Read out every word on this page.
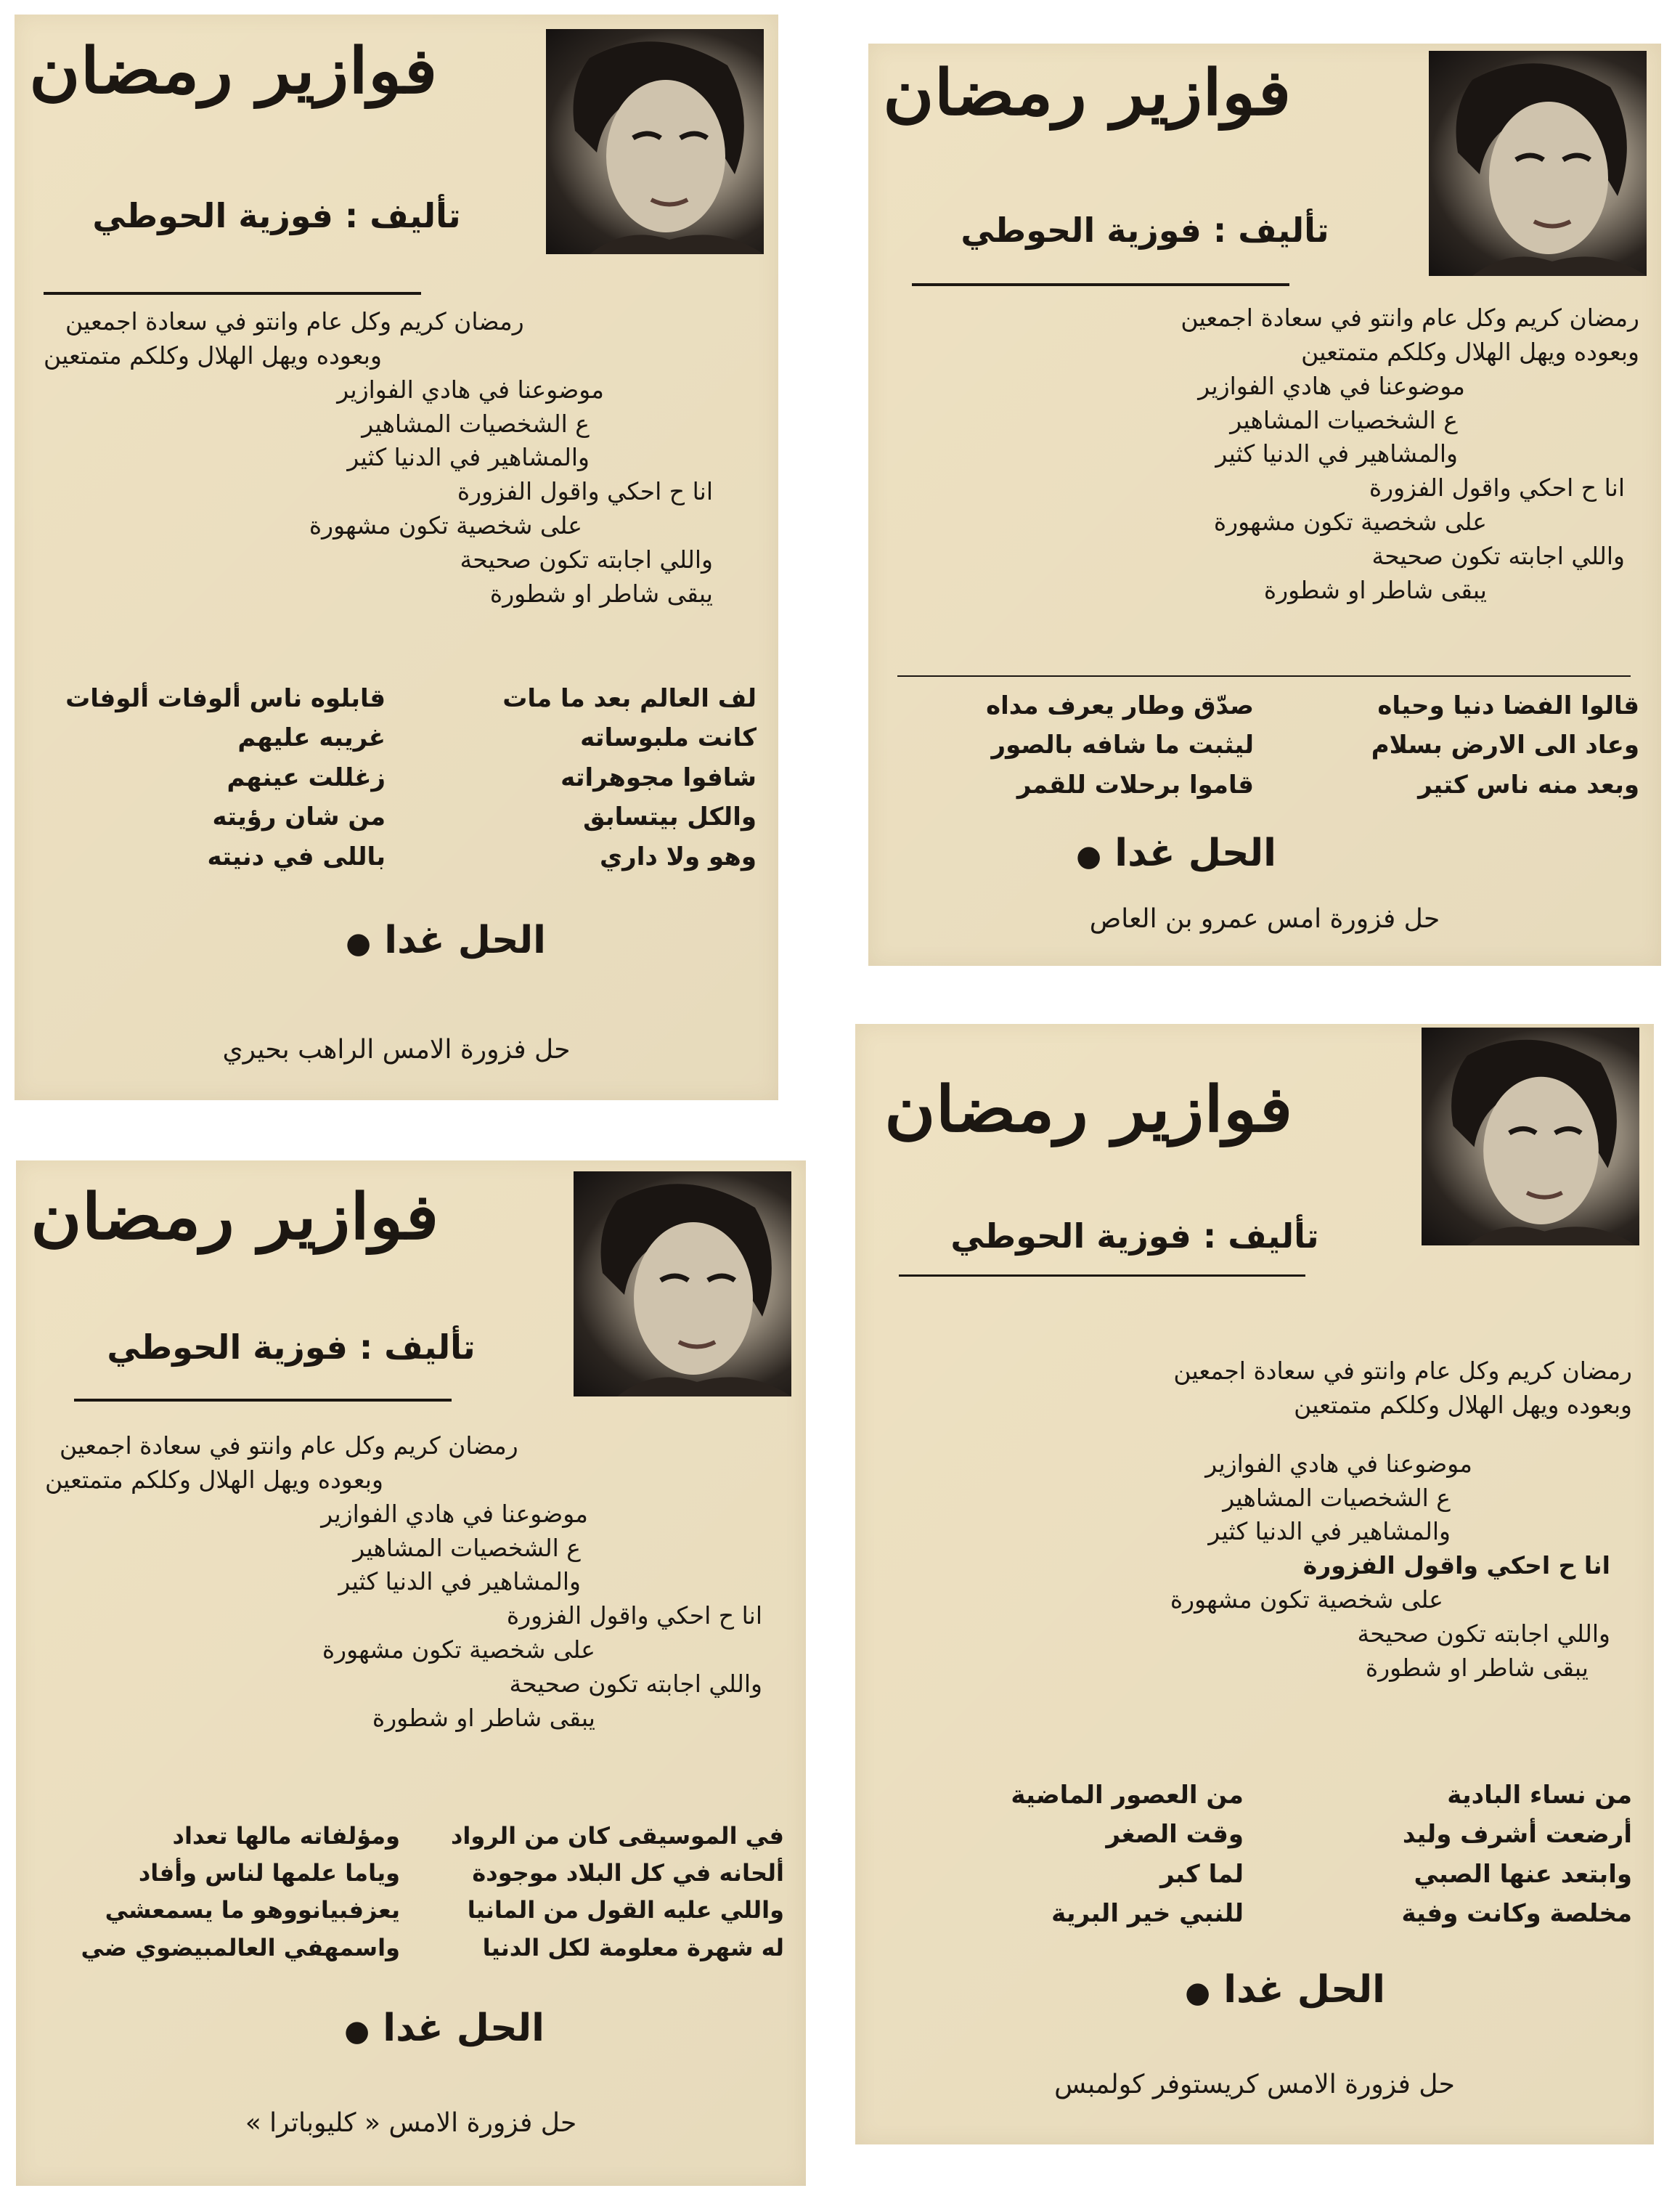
فوازير رمضان
تأليف : فوزية الحوطي
رمضان كريم وكل عام وانتو في سعادة اجمعين
وبعوده ويهل الهلال وكلكم متمتعين
موضوعنا في هادي الفوازير
ع الشخصيات المشاهير
والمشاهير في الدنيا كثير
انا ح احكي واقول الفزورة
على شخصية تكون مشهورة
واللي اجابته تكون صحيحة
يبقى شاطر او شطورة
لف العالم بعد ما مات
كانت ملبوساته
شافوا مجوهراته
والكل بيتسابق
وهو ولا داري
قابلوه ناس ألوفات ألوفات
غريبه عليهم
زغللت عينهم
من شان رؤيته
باللى في دنيته
الحل غدا ●
حل فزورة الامس الراهب بحيري
فوازير رمضان
تأليف : فوزية الحوطي
رمضان كريم وكل عام وانتو في سعادة اجمعين
وبعوده ويهل الهلال وكلكم متمتعين
موضوعنا في هادي الفوازير
ع الشخصيات المشاهير
والمشاهير في الدنيا كثير
انا ح احكي واقول الفزورة
على شخصية تكون مشهورة
واللي اجابته تكون صحيحة
يبقى شاطر او شطورة
قالوا الفضا دنيا وحياه
وعاد الى الارض بسلام
وبعد منه ناس كتير
صدّق وطار يعرف مداه
ليثبت ما شافه بالصور
قاموا برحلات للقمر
الحل غدا ●
حل فزورة امس عمرو بن العاص
فوازير رمضان
تأليف : فوزية الحوطي
رمضان كريم وكل عام وانتو في سعادة اجمعين
وبعوده ويهل الهلال وكلكم متمتعين
موضوعنا في هادي الفوازير
ع الشخصيات المشاهير
والمشاهير في الدنيا كثير
انا ح احكي واقول الفزورة
على شخصية تكون مشهورة
واللي اجابته تكون صحيحة
يبقى شاطر او شطورة
في الموسيقى كان من الرواد
ألحانه في كل البلاد موجودة
واللي عليه القول من المانيا
له شهرة معلومة لكل الدنيا
ومؤلفاته مالها تعداد
وياما علمها لناس وأفاد
يعزفبيانووهو ما يسمعشي
واسمهفي العالمبيضوي ضي
الحل غدا ●
حل فزورة الامس « كليوباترا »
فوازير رمضان
تأليف : فوزية الحوطي
رمضان كريم وكل عام وانتو في سعادة اجمعين
وبعوده ويهل الهلال وكلكم متمتعين
موضوعنا في هادي الفوازير
ع الشخصيات المشاهير
والمشاهير في الدنيا كثير
انا ح احكي واقول الفزورة
على شخصية تكون مشهورة
واللي اجابته تكون صحيحة
يبقى شاطر او شطورة
من نساء البادية
أرضعت أشرف وليد
وابتعد عنها الصبي
مخلصة وكانت وفية
من العصور الماضية
وقت الصغر
لما كبر
للنبي خير البرية
الحل غدا ●
حل فزورة الامس كريستوفر كولمبس
